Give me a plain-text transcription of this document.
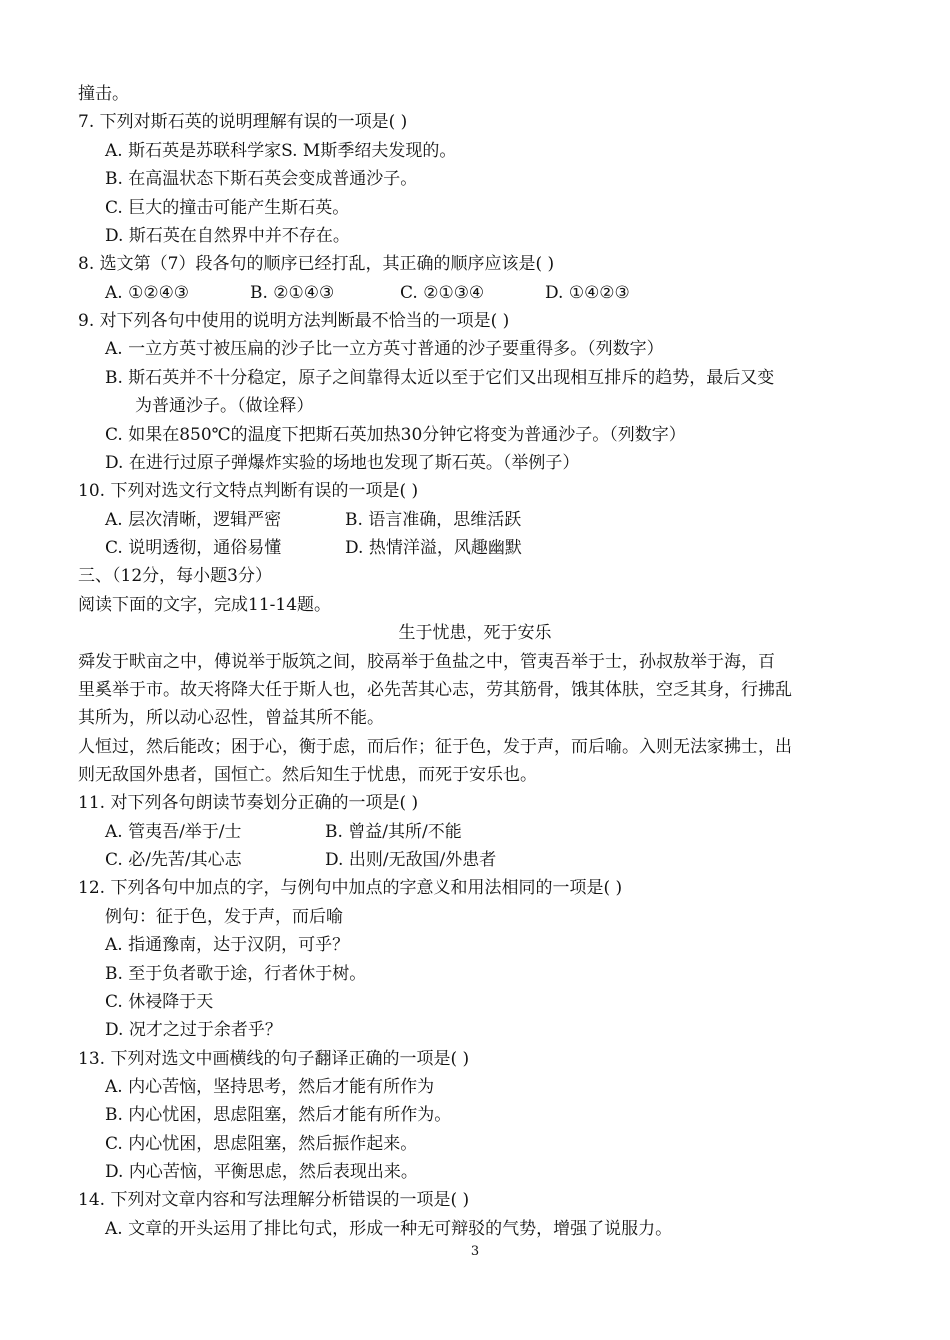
撞击。
7. 下列对斯石英的说明理解有误的一项是( )
A. 斯石英是苏联科学家S. M斯季绍夫发现的。
B. 在高温状态下斯石英会变成普通沙子。
C. 巨大的撞击可能产生斯石英。
D. 斯石英在自然界中并不存在。
8. 选文第（7）段各句的顺序已经打乱，其正确的顺序应该是( )
A. ①②④③	B. ②①④③	C. ②①③④	D. ①④②③
9. 对下列各句中使用的说明方法判断最不恰当的一项是( )
A. 一立方英寸被压扁的沙子比一立方英寸普通的沙子要重得多。（列数字）
B. 斯石英并不十分稳定，原子之间靠得太近以至于它们又出现相互排斥的趋势，最后又变
为普通沙子。（做诠释）
C. 如果在850℃的温度下把斯石英加热30分钟它将变为普通沙子。（列数字）
D. 在进行过原子弹爆炸实验的场地也发现了斯石英。（举例子）
10. 下列对选文行文特点判断有误的一项是( )
A. 层次清晰，逻辑严密	B. 语言准确，思维活跃
C. 说明透彻，通俗易懂	D. 热情洋溢，风趣幽默
三、（12分，每小题3分）
阅读下面的文字，完成11-14题。
生于忧患，死于安乐
舜发于畎亩之中，傅说举于版筑之间，胶鬲举于鱼盐之中，管夷吾举于士，孙叔敖举于海，百
里奚举于市。故天将降大任于斯人也，必先苦其心志，劳其筋骨，饿其体肤，空乏其身，行拂乱
其所为，所以动心忍性，曾益其所不能。
人恒过，然后能改；困于心，衡于虑，而后作；征于色，发于声，而后喻。入则无法家拂士，出
则无敌国外患者，国恒亡。然后知生于忧患，而死于安乐也。
11. 对下列各句朗读节奏划分正确的一项是( )
A. 管夷吾/举于/士	B. 曾益/其所/不能
C. 必/先苦/其心志	D. 出则/无敌国/外患者
12. 下列各句中加点的字，与例句中加点的字意义和用法相同的一项是( )
例句：征于色，发于声，而后喻
A. 指通豫南，达于汉阴，可乎？
B. 至于负者歌于途，行者休于树。
C. 休祲降于天
D. 况才之过于余者乎？
13. 下列对选文中画横线的句子翻译正确的一项是( )
A. 内心苦恼，坚持思考，然后才能有所作为
B. 内心忧困，思虑阻塞，然后才能有所作为。
C. 内心忧困，思虑阻塞，然后振作起来。
D. 内心苦恼，平衡思虑，然后表现出来。
14. 下列对文章内容和写法理解分析错误的一项是( )
A. 文章的开头运用了排比句式，形成一种无可辩驳的气势，增强了说服力。
3
